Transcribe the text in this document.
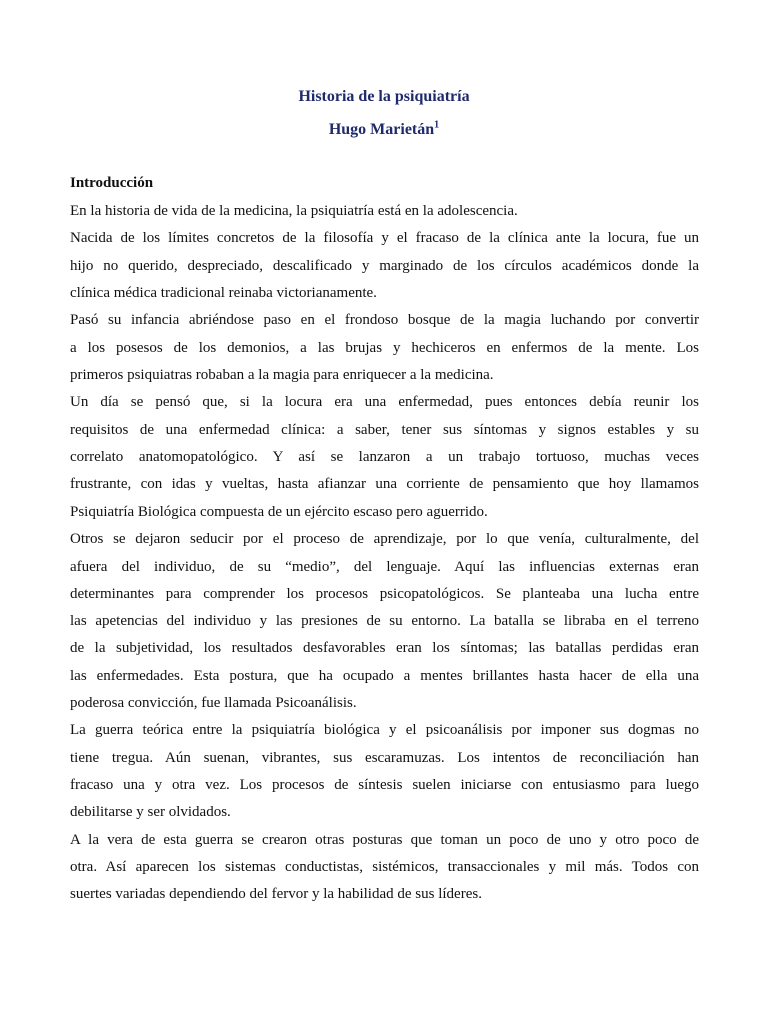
Historia de la psiquiatría
Hugo Marietán$^1$
Introducción
En la historia de vida de la medicina, la psiquiatría está en la adolescencia.
Nacida de los límites concretos de la filosofía y el fracaso de la clínica ante la locura, fue un
hijo no querido, despreciado, descalificado y marginado de los círculos académicos donde la
clínica médica tradicional reinaba victorianamente.
Pasó su infancia abriéndose paso en el frondoso bosque de la magia luchando por convertir
a los posesos de los demonios, a las brujas y hechiceros en enfermos de la mente. Los
primeros psiquiatras robaban a la magia para enriquecer a la medicina.
Un día se pensó que, si la locura era una enfermedad, pues entonces debía reunir los
requisitos de una enfermedad clínica: a saber, tener sus síntomas y signos estables y su
correlato anatomopatológico. Y así se lanzaron a un trabajo tortuoso, muchas veces
frustrante, con idas y vueltas, hasta afianzar una corriente de pensamiento que hoy llamamos
Psiquiatría Biológica compuesta de un ejército escaso pero aguerrido.
Otros se dejaron seducir por el proceso de aprendizaje, por lo que venía, culturalmente, del
afuera del individuo, de su “medio”, del lenguaje. Aquí las influencias externas eran
determinantes para comprender los procesos psicopatológicos. Se planteaba una lucha entre
las apetencias del individuo y las presiones de su entorno. La batalla se libraba en el terreno
de la subjetividad, los resultados desfavorables eran los síntomas; las batallas perdidas eran
las enfermedades. Esta postura, que ha ocupado a mentes brillantes hasta hacer de ella una
poderosa convicción, fue llamada Psicoanálisis.
La guerra teórica entre la psiquiatría biológica y el psicoanálisis por imponer sus dogmas no
tiene tregua. Aún suenan, vibrantes, sus escaramuzas. Los intentos de reconciliación han
fracaso una y otra vez. Los procesos de síntesis suelen iniciarse con entusiasmo para luego
debilitarse y ser olvidados.
A la vera de esta guerra se crearon otras posturas que toman un poco de uno y otro poco de
otra. Así aparecen los sistemas conductistas, sistémicos, transaccionales y mil más. Todos con
suertes variadas dependiendo del fervor y la habilidad de sus líderes.
